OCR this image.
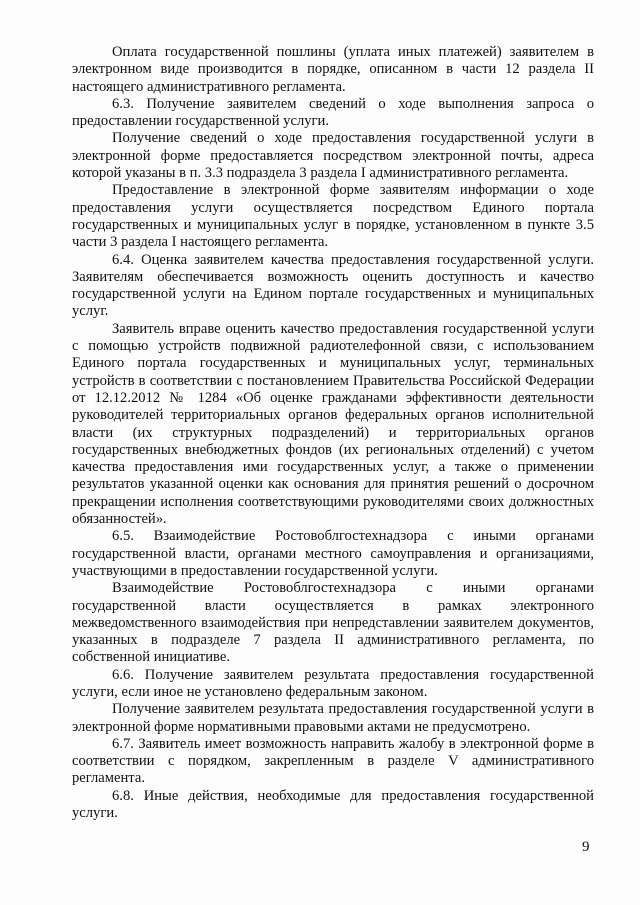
Оплата государственной пошлины (уплата иных платежей) заявителем в электронном виде производится в порядке, описанном в части 12 раздела II настоящего административного регламента.

6.3. Получение заявителем сведений о ходе выполнения запроса о предоставлении государственной услуги.

Получение сведений о ходе предоставления государственной услуги в электронной форме предоставляется посредством электронной почты, адреса которой указаны в п. 3.3 подраздела 3 раздела I административного регламента.

Предоставление в электронной форме заявителям информации о ходе предоставления услуги осуществляется посредством Единого портала государственных и муниципальных услуг в порядке, установленном в пункте 3.5 части 3 раздела I настоящего регламента.

6.4. Оценка заявителем качества предоставления государственной услуги. Заявителям обеспечивается возможность оценить доступность и качество государственной услуги на Едином портале государственных и муниципальных услуг.

Заявитель вправе оценить качество предоставления государственной услуги с помощью устройств подвижной радиотелефонной связи, с использованием Единого портала государственных и муниципальных услуг, терминальных устройств в соответствии с постановлением Правительства Российской Федерации от 12.12.2012 № 1284 «Об оценке гражданами эффективности деятельности руководителей территориальных органов федеральных органов исполнительной власти (их структурных подразделений) и территориальных органов государственных внебюджетных фондов (их региональных отделений) с учетом качества предоставления ими государственных услуг, а также о применении результатов указанной оценки как основания для принятия решений о досрочном прекращении исполнения соответствующими руководителями своих должностных обязанностей».

6.5. Взаимодействие Ростовоблгостехнадзора с иными органами государственной власти, органами местного самоуправления и организациями, участвующими в предоставлении государственной услуги.

Взаимодействие Ростовоблгостехнадзора с иными органами государственной власти осуществляется в рамках электронного межведомственного взаимодействия при непредставлении заявителем документов, указанных в подразделе 7 раздела II административного регламента, по собственной инициативе.

6.6. Получение заявителем результата предоставления государственной услуги, если иное не установлено федеральным законом.

Получение заявителем результата предоставления государственной услуги в электронной форме нормативными правовыми актами не предусмотрено.

6.7. Заявитель имеет возможность направить жалобу в электронной форме в соответствии с порядком, закрепленным в разделе V административного регламента.

6.8. Иные действия, необходимые для предоставления государственной услуги.

9
